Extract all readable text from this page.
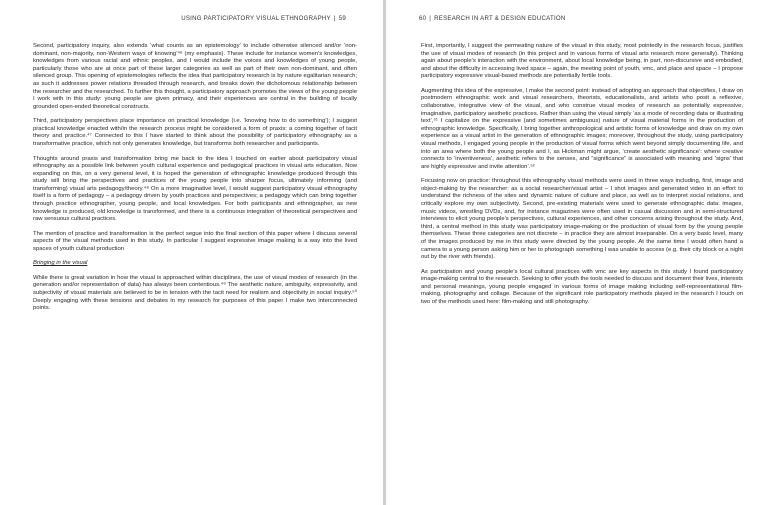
USING PARTICIPATORY VISUAL ETHNOGRAPHY | 59

Second, participatory inquiry, also extends ‘what counts as an epistemology’ to include otherwise silenced and/or ‘non-dominant, non-majority, non-Western ways of knowing’⁴⁶ (my emphasis). These include for instance women’s knowledges, knowledges from various racial and ethnic peoples, and I would include the voices and knowledges of young people, particularly those who are at once part of these larger categories as well as part of their own non-dominant, and often silenced group. This opening of epistemologies reflects the idea that participatory research is by nature egalitarian research; as such it addresses power relations threaded through research, and breaks down the dichotomous relationship between the researcher and the researched. To further this thought, a participatory approach promotes the views of the young people I work with in this study: young people are given primacy, and their experiences are central in the building of locally grounded open-ended theoretical constructs.

Third, participatory perspectives place importance on practical knowledge (i.e. ‘knowing how to do something’); I suggest practical knowledge enacted with/in the research process might be considered a form of praxis: a coming together of tacit theory and practice.⁴⁷ Connected to this I have started to think about the possibility of participatory ethnography as a transformative practice, which not only generates knowledge, but transforms both researcher and participants.

Thoughts around praxis and transformation bring me back to the idea I touched on earlier about participatory visual ethnography as a possible link between youth cultural experience and pedagogical practices in visual arts education. Now expanding on this, on a very general level, it is hoped the generation of ethnographic knowledge produced through this study will bring the perspectives and practices of the young people into sharper focus, ultimately informing (and transforming) visual arts pedagogy/theory.⁴⁸ On a more imaginative level, I would suggest participatory visual ethnography itself is a form of pedagogy – a pedagogy driven by youth practices and perspectives; a pedagogy which can bring together through practice ethnographer, young people, and local knowledges. For both participants and ethnographer, as new knowledge is produced, old knowledge is transformed, and there is a continuous integration of theoretical perspectives and raw sensuous cultural practices.

The mention of practice and transformation is the perfect segue into the final section of this paper where I discuss several aspects of the visual methods used in this study. In particular I suggest expressive image making is a way into the lived spaces of youth cultural production

Bringing in the visual

While there is great variation in how the visual is approached within disciplines, the use of visual modes of research (in the generation and/or representation of data) has always been contentious.⁴⁹ The aesthetic nature, ambiguity, expressivity, and subjectivity of visual materials are believed to be in tension with the tacit need for realism and objectivity in social inquiry.⁵⁰ Deeply engaging with these tensions and debates in my research for purposes of this paper I make two interconnected points.

60 | RESEARCH IN ART & DESIGN EDUCATION

First, importantly, I suggest the permeating nature of the visual in this study, most pointedly in the research focus, justifies the use of visual modes of research (in this project and in various forms of visual arts research more generally). Thinking again about people’s interaction with the environment, about local knowledge being, in part, non-discursive and embodied, and about the difficulty in accessing lived space – again, the meeting point of youth, vmc, and place and space – I propose participatory expressive visual-based methods are potentially fertile tools.

Augmenting this idea of the expressive, I make the second point: instead of adopting an approach that objectifies, I draw on postmodern ethnographic work and visual researchers, theorists, educationalists, and artists who posit a reflexive, collaborative, integrative view of the visual, and who construe visual modes of research as potentially expressive, imaginative, participatory aesthetic practices. Rather than using the visual simply ‘as a mode of recording data or illustrating text’,⁵¹ I capitalize on the expressive (and sometimes ambiguous) nature of visual material forms in the production of ethnographic knowledge. Specifically, I bring together anthropological and artistic forms of knowledge and draw on my own experience as a visual artist in the generation of ethnographic images; moreover, throughout the study, using participatory visual methods, I engaged young people in the production of visual forms which went beyond simply documenting life, and into an area where both the young people and I, as Hickman might argue, ‘create aesthetic significance’: where creative connects to ‘inventiveness’, aesthetic refers to the senses, and “significance” is associated with meaning and ‘signs’ that are highly expressive and invite attention’.⁵²

Focusing now on practice: throughout this ethnography visual methods were used in three ways including, first, image and object-making by the researcher: as a social researcher/visual artist – I shot images and generated video in an effort to understand the richness of the sites and dynamic nature of culture and place, as well as to interpret social relations, and critically explore my own subjectivity. Second, pre-existing materials were used to generate ethnographic data: images, music videos, wrestling DVDs, and, for instance magazines were often used in casual discussion and in semi-structured interviews to elicit young people’s perspectives, cultural experiences, and other concerns arising throughout the study. And, third, a central method in this study was participatory image-making or the production of visual form by the young people themselves. These three categories are not discrete – in practice they are almost inseparable. On a very basic level, many of the images produced by me in this study were directed by the young people. At the same time I would often hand a camera to a young person asking him or her to photograph something I was unable to access (e.g. their city block or a night out by the river with friends).

As participation and young people’s local cultural practices with vmc are key aspects in this study I found participatory image-making central to the research. Seeking to offer youth the tools needed to discuss and document their lives, interests and personal meanings, young people engaged in various forms of image making including self-representational film-making, photography and collage. Because of the significant role participatory methods played in the research I touch on two of the methods used here: film-making and still photography.
